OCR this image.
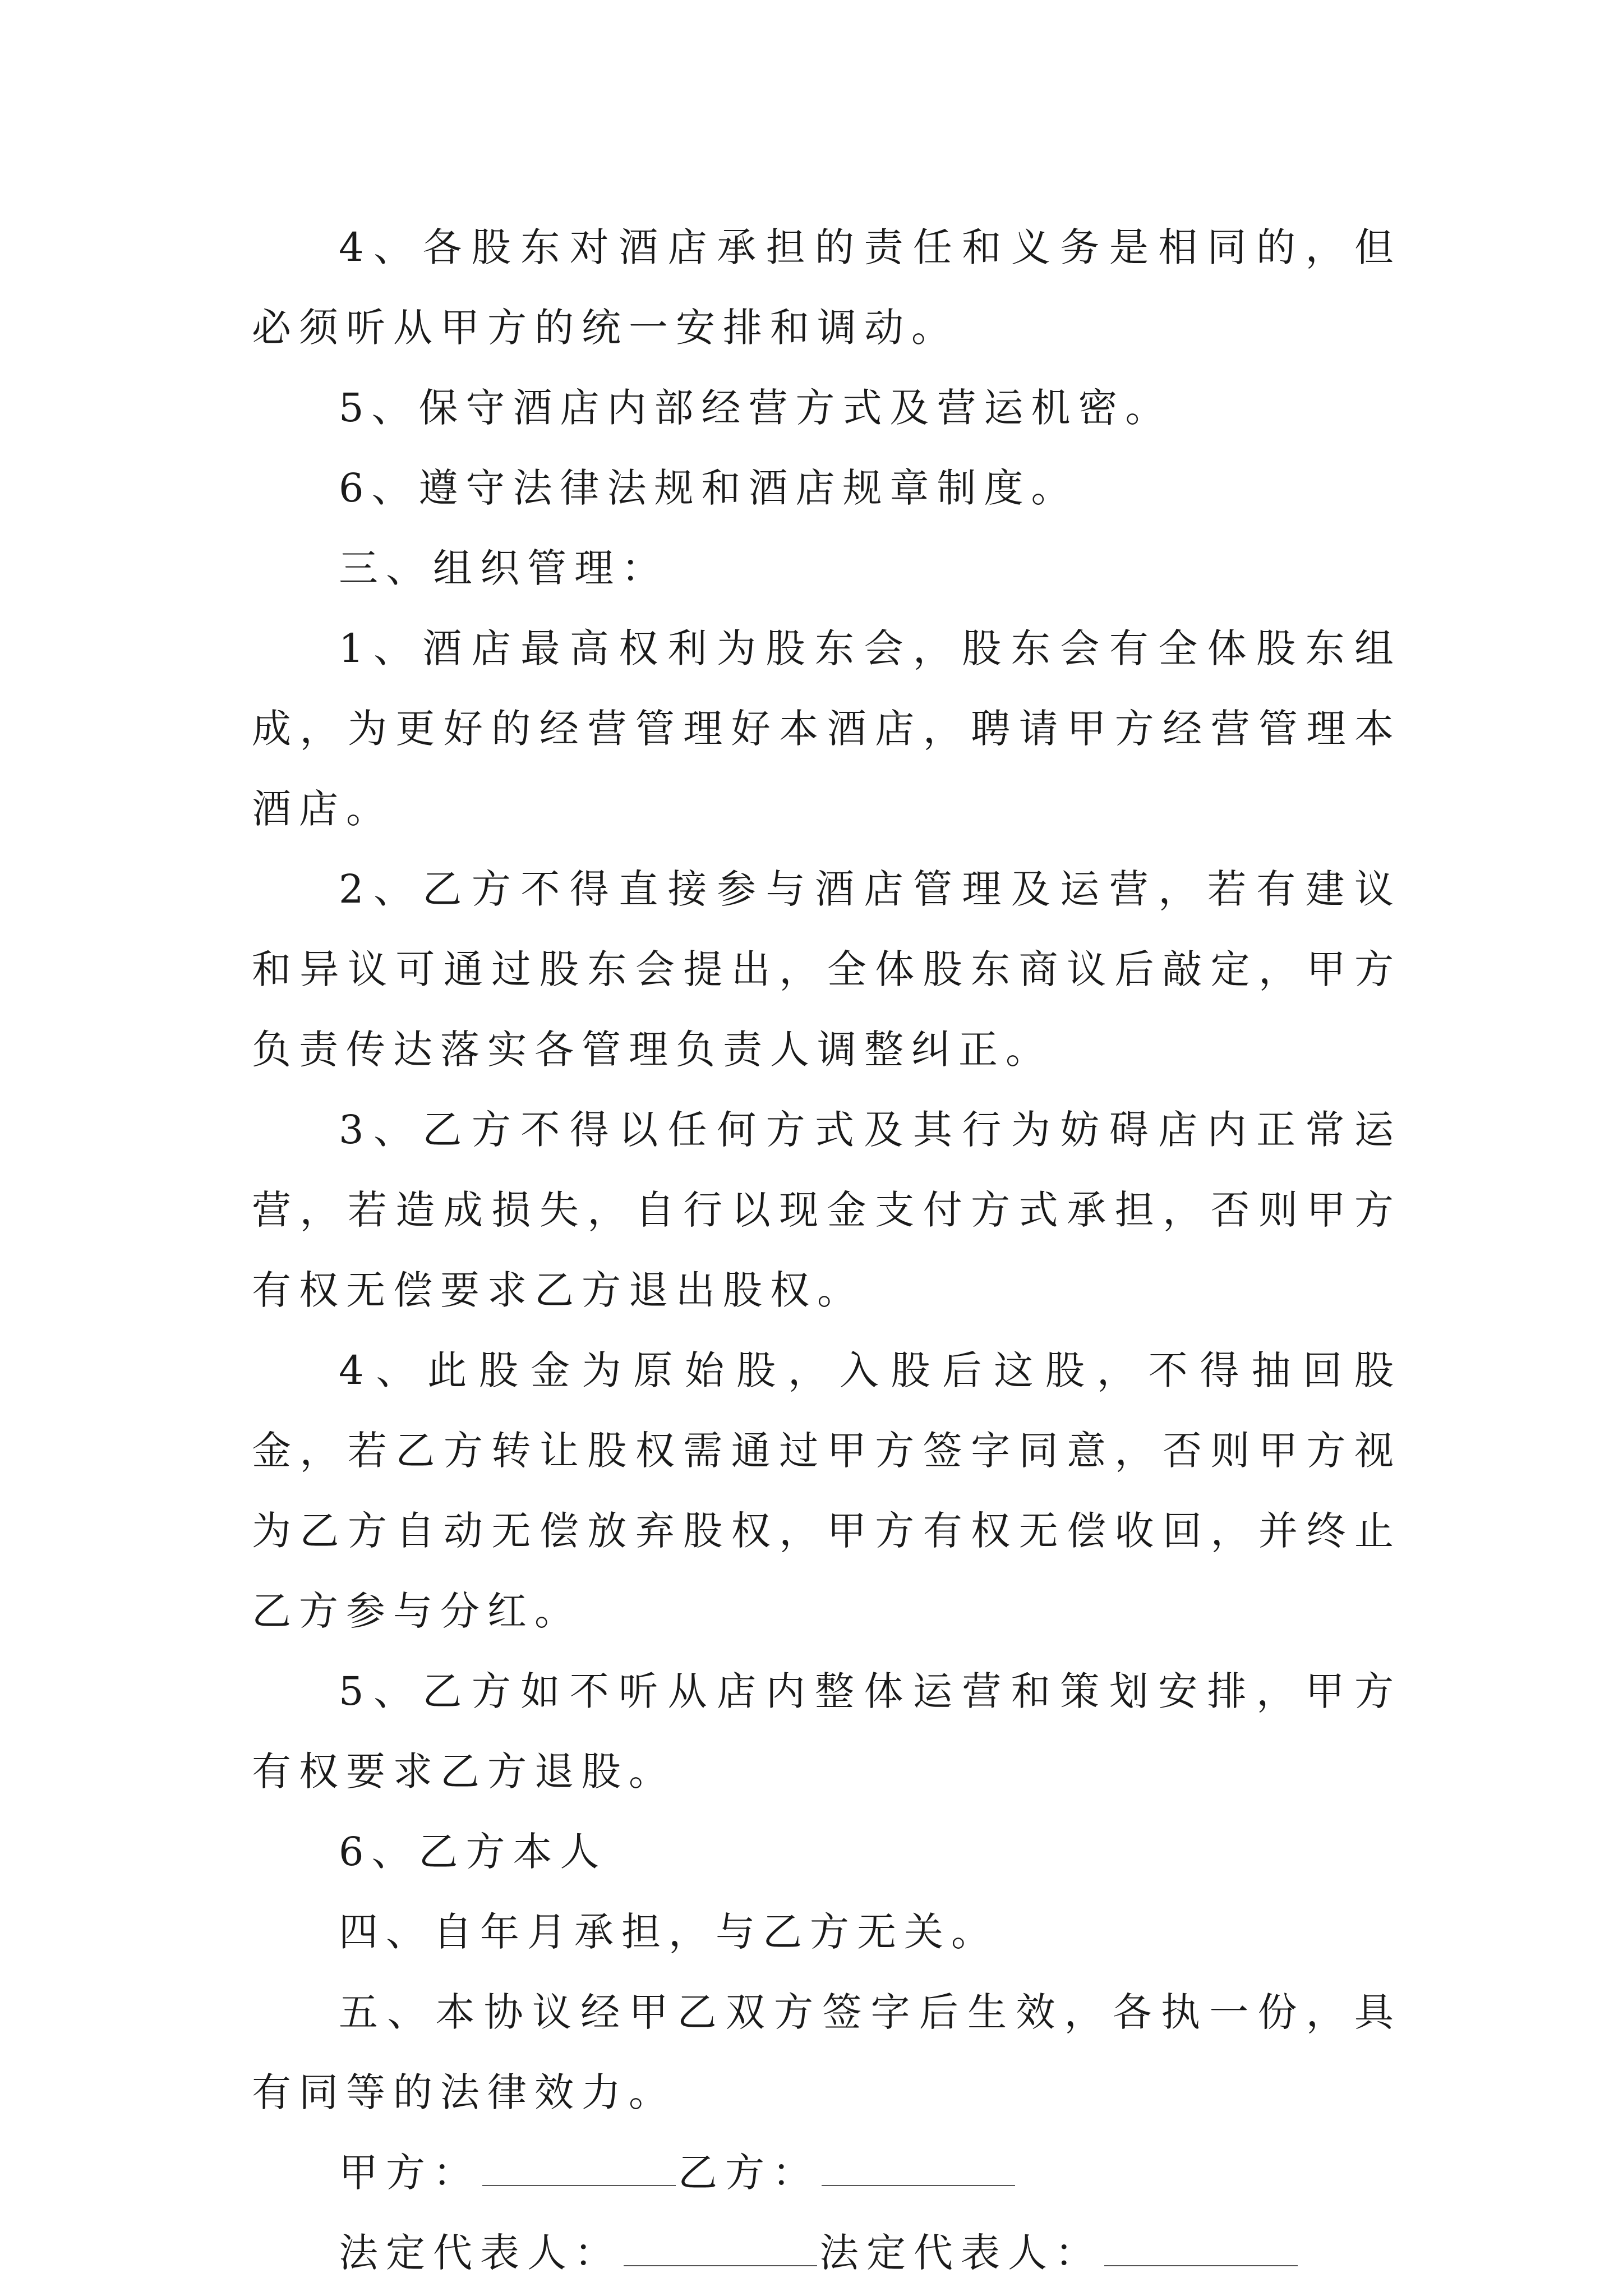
4、各股东对酒店承担的责任和义务是相同的，但必须听从甲方的统一安排和调动。

5、保守酒店内部经营方式及营运机密。

6、遵守法律法规和酒店规章制度。

三、组织管理：

1、酒店最高权利为股东会，股东会有全体股东组成，为更好的经营管理好本酒店，聘请甲方经营管理本酒店。

2、乙方不得直接参与酒店管理及运营，若有建议和异议可通过股东会提出，全体股东商议后敲定，甲方负责传达落实各管理负责人调整纠正。

3、乙方不得以任何方式及其行为妨碍店内正常运营，若造成损失，自行以现金支付方式承担，否则甲方有权无偿要求乙方退出股权。

4、此股金为原始股，入股后这股，不得抽回股金，若乙方转让股权需通过甲方签字同意，否则甲方视为乙方自动无偿放弃股权，甲方有权无偿收回，并终止乙方参与分红。

5、乙方如不听从店内整体运营和策划安排，甲方有权要求乙方退股。

6、乙方本人

四、自年月承担，与乙方无关。

五、本协议经甲乙双方签字后生效，各执一份，具有同等的法律效力。

甲方：	乙方：
法定代表人：	法定代表人：
